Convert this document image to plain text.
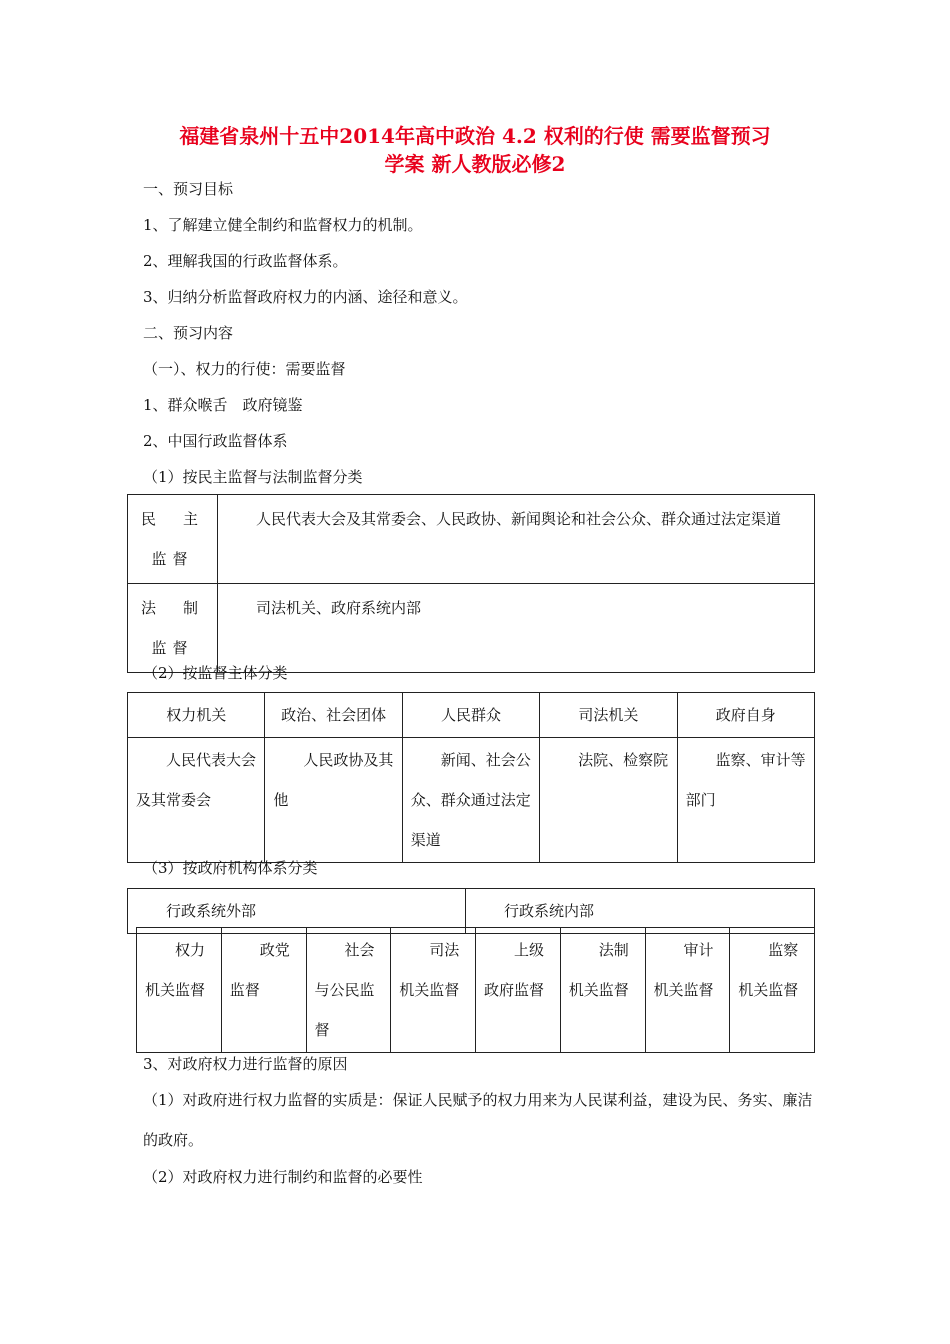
福建省泉州十五中2014年高中政治 4.2 权利的行使 需要监督预习
学案 新人教版必修2
一、预习目标
1、了解建立健全制约和监督权力的机制。
2、理解我国的行政监督体系。
3、归纳分析监督政府权力的内涵、途径和意义。
二、预习内容
（一）、权力的行使：需要监督
1、群众喉舌　政府镜鉴
2、中国行政监督体系
（1）按民主监督与法制监督分类
民　主监督	人民代表大会及其常委会、人民政协、新闻舆论和社会公众、群众通过法定渠道
法　制监督	司法机关、政府系统内部
（2）按监督主体分类
权力机关	政治、社会团体	人民群众	司法机关	政府自身
人民代表大会及其常委会	人民政协及其他	新闻、社会公众、群众通过法定渠道	法院、检察院	监察、审计等部门
（3）按政府机构体系分类
行政系统外部	行政系统内部
权力机关监督	政党监督	社会与公民监督	司法机关监督	上级政府监督	法制机关监督	审计机关监督	监察机关监督
3、对政府权力进行监督的原因
（1）对政府进行权力监督的实质是：保证人民赋予的权力用来为人民谋利益，建设为民、务实、廉洁的政府。
（2）对政府权力进行制约和监督的必要性
